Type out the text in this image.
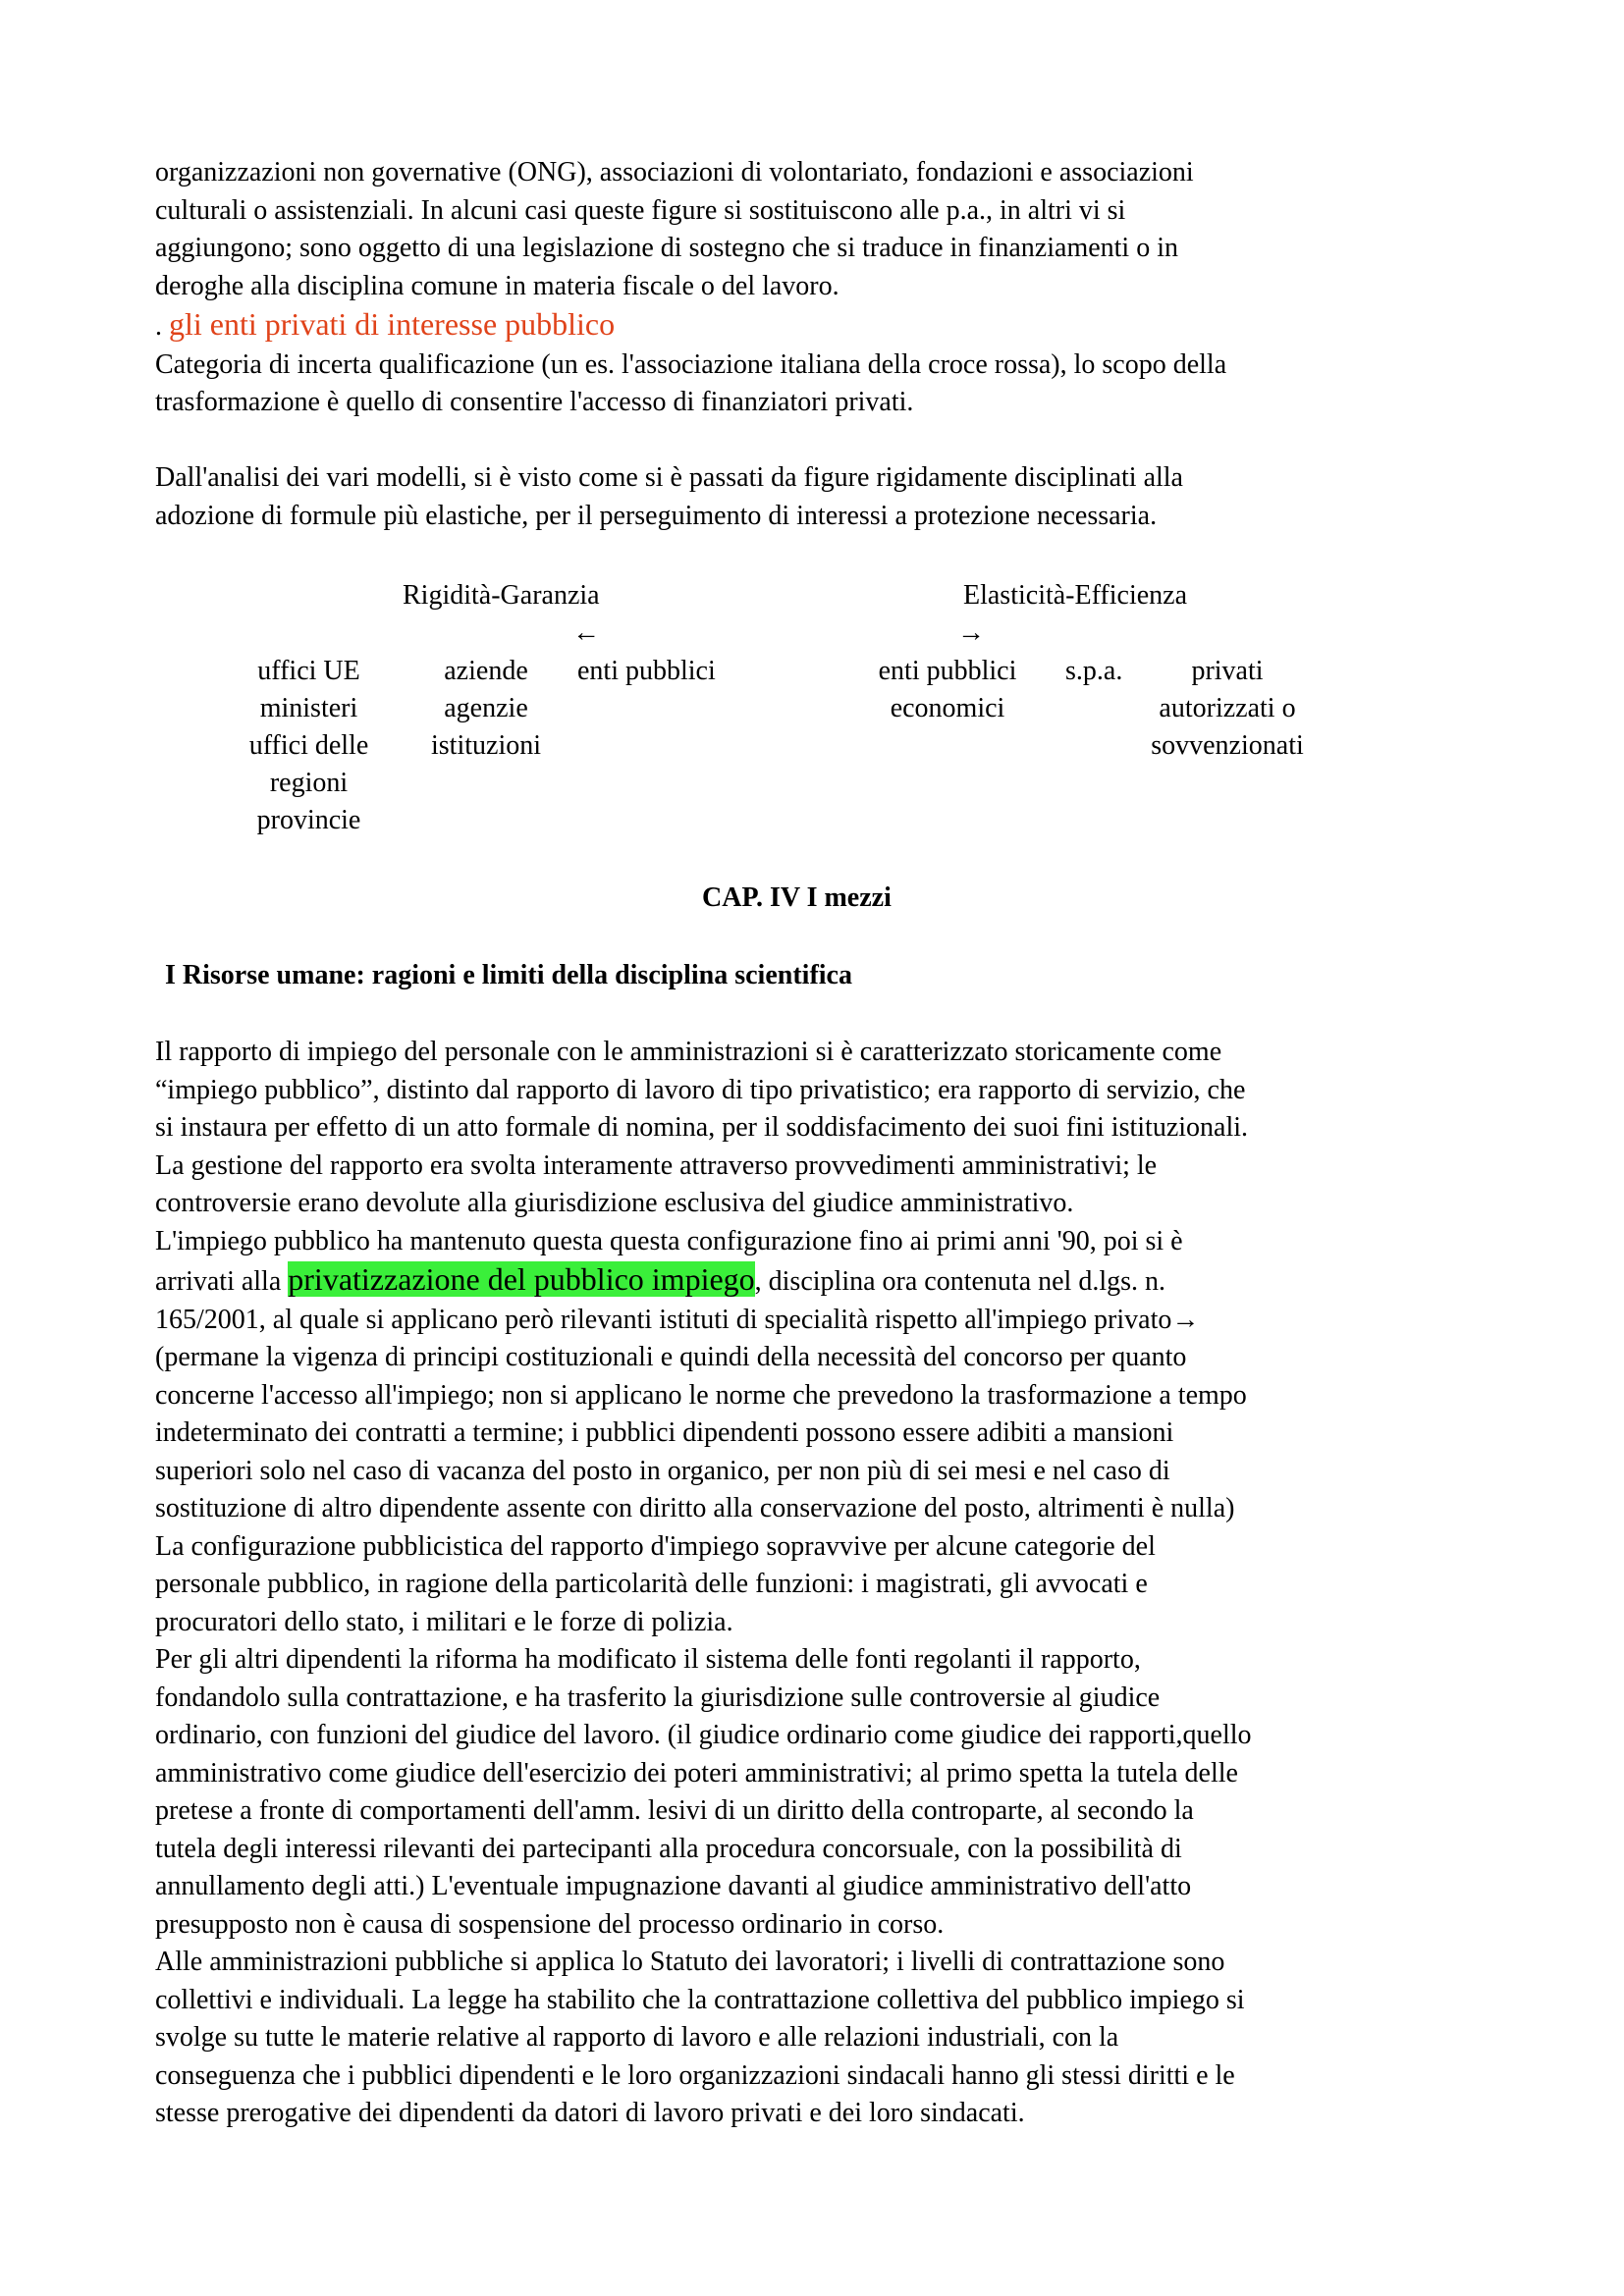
organizzazioni non governative (ONG), associazioni di volontariato, fondazioni e associazioni
culturali o assistenziali. In alcuni casi queste figure si sostituiscono alle p.a., in altri vi si
aggiungono; sono oggetto di una legislazione di sostegno che si traduce in finanziamenti o in
deroghe alla disciplina comune in materia fiscale o del lavoro.
. gli enti privati di interesse pubblico
Categoria di incerta qualificazione (un es. l'associazione italiana della croce rossa), lo scopo della
trasformazione è quello di consentire l'accesso di finanziatori privati.
Dall'analisi dei vari modelli, si è visto come si è passati da figure rigidamente disciplinati alla
adozione di formule più elastiche, per il perseguimento di interessi a protezione necessaria.
Rigidità-Garanzia
←
Elasticità-Efficienza
→
uffici UE
ministeri
uffici delle
regioni
provincie
aziende
agenzie
istituzioni
enti pubblici	enti pubblici
economici
s.p.a.	privati
autorizzati o
sovvenzionati
CAP. IV I mezzi
I Risorse umane: ragioni e limiti della disciplina scientifica
Il rapporto di impiego del personale con le amministrazioni si è caratterizzato storicamente come
“impiego pubblico”, distinto dal rapporto di lavoro di tipo privatistico; era rapporto di servizio, che
si instaura per effetto di un atto formale di nomina, per il soddisfacimento dei suoi fini istituzionali.
La gestione del rapporto era svolta interamente attraverso provvedimenti amministrativi; le
controversie erano devolute alla giurisdizione esclusiva del giudice amministrativo.
L'impiego pubblico ha mantenuto questa questa configurazione fino ai primi anni '90, poi si è
arrivati alla privatizzazione del pubblico impiego, disciplina ora contenuta nel d.lgs. n.
165/2001, al quale si applicano però rilevanti istituti di specialità rispetto all'impiego privato→
(permane la vigenza di principi costituzionali e quindi della necessità del concorso per quanto
concerne l'accesso all'impiego; non si applicano le norme che prevedono la trasformazione a tempo
indeterminato dei contratti a termine; i pubblici dipendenti possono essere adibiti a mansioni
superiori solo nel caso di vacanza del posto in organico, per non più di sei mesi e nel caso di
sostituzione di altro dipendente assente con diritto alla conservazione del posto, altrimenti è nulla)
La configurazione pubblicistica del rapporto d'impiego sopravvive per alcune categorie del
personale pubblico, in ragione della particolarità delle funzioni: i magistrati, gli avvocati e
procuratori dello stato, i militari e le forze di polizia.
Per gli altri dipendenti la riforma ha modificato il sistema delle fonti regolanti il rapporto,
fondandolo sulla contrattazione, e ha trasferito la giurisdizione sulle controversie al giudice
ordinario, con funzioni del giudice del lavoro. (il giudice ordinario come giudice dei rapporti,quello
amministrativo come giudice dell'esercizio dei poteri amministrativi; al primo spetta la tutela delle
pretese a fronte di comportamenti dell'amm. lesivi di un diritto della controparte, al secondo la
tutela degli interessi rilevanti dei partecipanti alla procedura concorsuale, con la possibilità di
annullamento degli atti.) L'eventuale impugnazione davanti al giudice amministrativo dell'atto
presupposto non è causa di sospensione del processo ordinario in corso.
Alle amministrazioni pubbliche si applica lo Statuto dei lavoratori; i livelli di contrattazione sono
collettivi e individuali. La legge ha stabilito che la contrattazione collettiva del pubblico impiego si
svolge su tutte le materie relative al rapporto di lavoro e alle relazioni industriali, con la
conseguenza che i pubblici dipendenti e le loro organizzazioni sindacali hanno gli stessi diritti e le
stesse prerogative dei dipendenti da datori di lavoro privati e dei loro sindacati.
